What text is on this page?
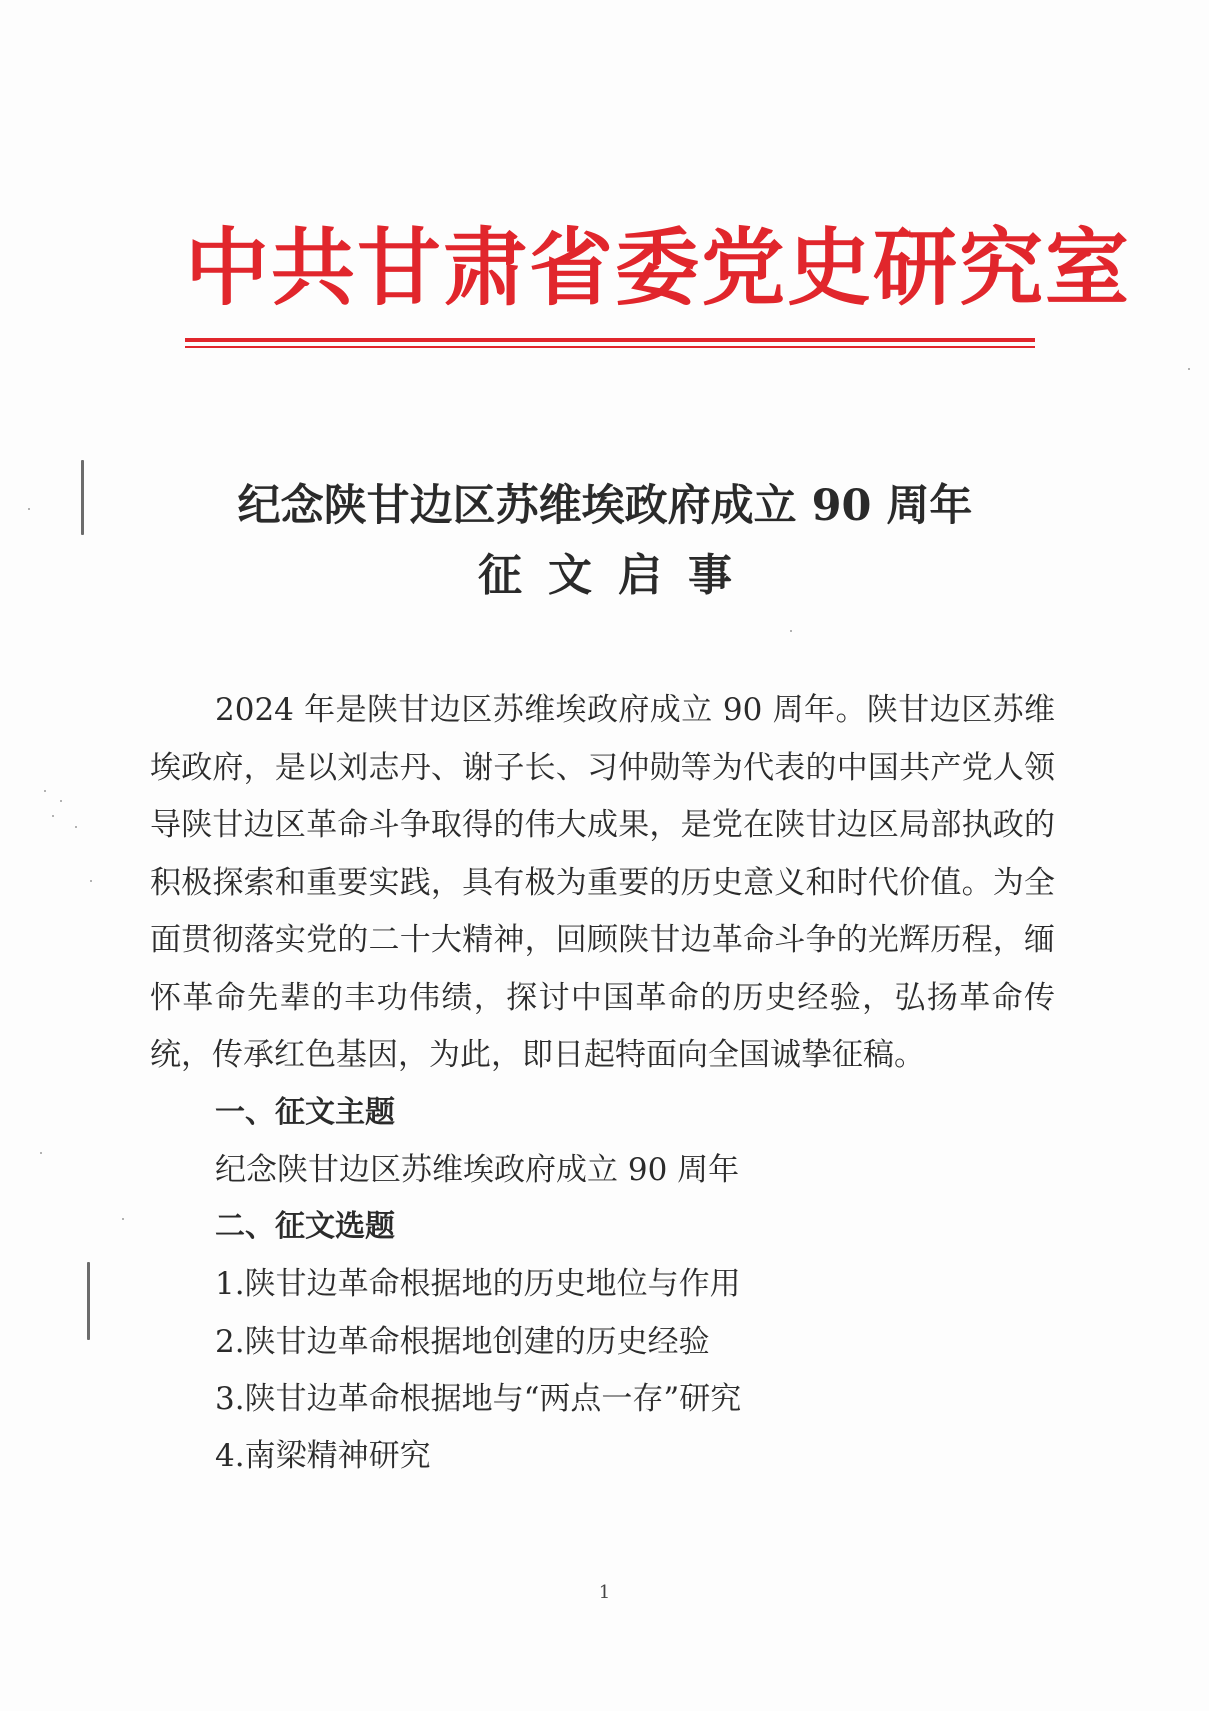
中共甘肃省委党史研究室
纪念陕甘边区苏维埃政府成立 90 周年
征文启事

2024 年是陕甘边区苏维埃政府成立 90 周年。陕甘边区苏维埃政府，是以刘志丹、谢子长、习仲勋等为代表的中国共产党人领导陕甘边区革命斗争取得的伟大成果，是党在陕甘边区局部执政的积极探索和重要实践，具有极为重要的历史意义和时代价值。为全面贯彻落实党的二十大精神，回顾陕甘边革命斗争的光辉历程，缅怀革命先辈的丰功伟绩，探讨中国革命的历史经验，弘扬革命传统，传承红色基因，为此，即日起特面向全国诚挚征稿。

一、征文主题
纪念陕甘边区苏维埃政府成立 90 周年
二、征文选题
1.陕甘边革命根据地的历史地位与作用
2.陕甘边革命根据地创建的历史经验
3.陕甘边革命根据地与“两点一存”研究
4.南梁精神研究
1
